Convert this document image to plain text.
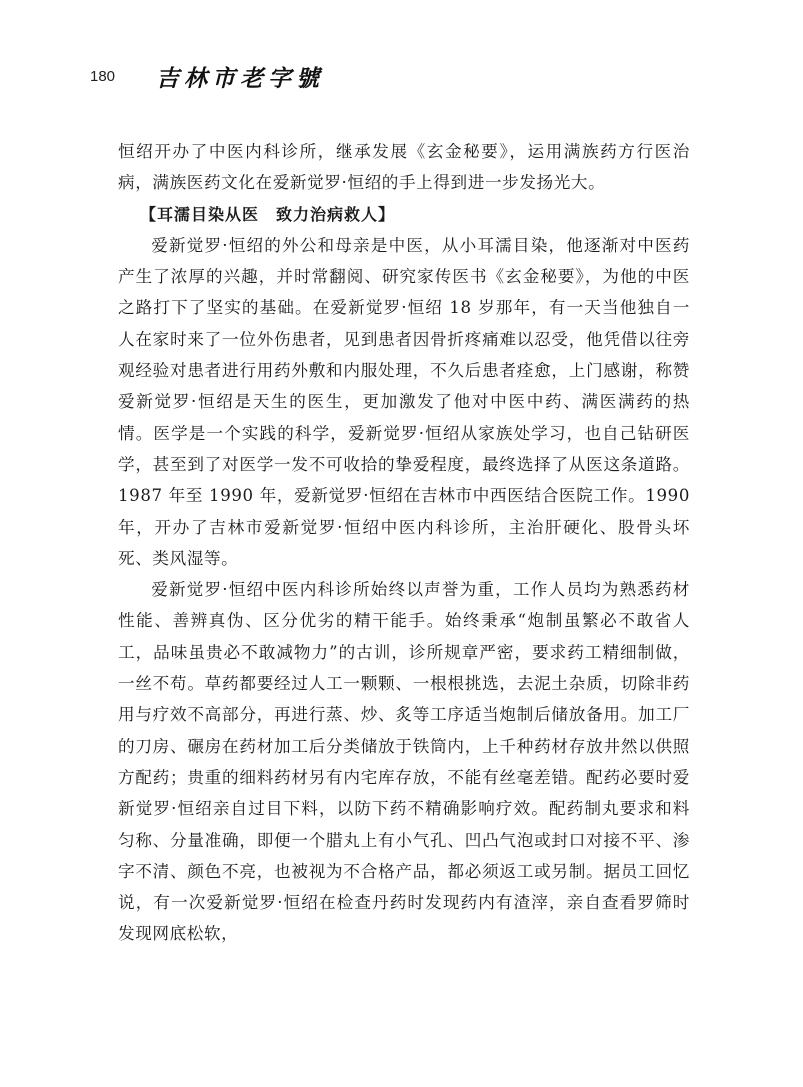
180	吉林市老字號

恒绍开办了中医内科诊所，继承发展《玄金秘要》，运用满族药方行医治病，满族医药文化在爱新觉罗·恒绍的手上得到进一步发扬光大。

【耳濡目染从医　致力治病救人】

爱新觉罗·恒绍的外公和母亲是中医，从小耳濡目染，他逐渐对中医药产生了浓厚的兴趣，并时常翻阅、研究家传医书《玄金秘要》，为他的中医之路打下了坚实的基础。在爱新觉罗·恒绍 18 岁那年，有一天当他独自一人在家时来了一位外伤患者，见到患者因骨折疼痛难以忍受，他凭借以往旁观经验对患者进行用药外敷和内服处理，不久后患者痊愈，上门感谢，称赞爱新觉罗·恒绍是天生的医生，更加激发了他对中医中药、满医满药的热情。医学是一个实践的科学，爱新觉罗·恒绍从家族处学习，也自己钻研医学，甚至到了对医学一发不可收拾的挚爱程度，最终选择了从医这条道路。1987 年至 1990 年，爱新觉罗·恒绍在吉林市中西医结合医院工作。1990 年，开办了吉林市爱新觉罗·恒绍中医内科诊所，主治肝硬化、股骨头坏死、类风湿等。

爱新觉罗·恒绍中医内科诊所始终以声誉为重，工作人员均为熟悉药材性能、善辨真伪、区分优劣的精干能手。始终秉承“炮制虽繁必不敢省人工，品味虽贵必不敢减物力”的古训，诊所规章严密，要求药工精细制做，一丝不苟。草药都要经过人工一颗颗、一根根挑选，去泥土杂质，切除非药用与疗效不高部分，再进行蒸、炒、炙等工序适当炮制后储放备用。加工厂的刀房、碾房在药材加工后分类储放于铁筒内，上千种药材存放井然以供照方配药；贵重的细料药材另有内宅库存放，不能有丝毫差错。配药必要时爱新觉罗·恒绍亲自过目下料，以防下药不精确影响疗效。配药制丸要求和料匀称、分量准确，即便一个腊丸上有小气孔、凹凸气泡或封口对接不平、渗字不清、颜色不亮，也被视为不合格产品，都必须返工或另制。据员工回忆说，有一次爱新觉罗·恒绍在检查丹药时发现药内有渣滓，亲自查看罗筛时发现网底松软，
